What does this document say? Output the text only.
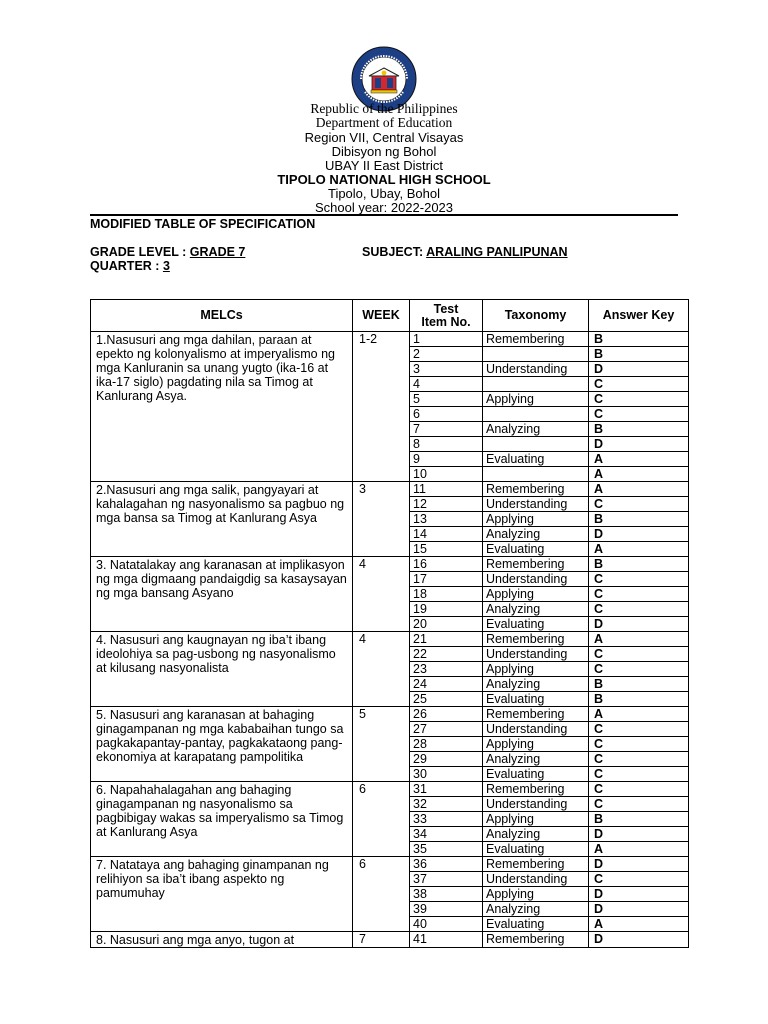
Republic of the Philippines
Department of Education
Region VII, Central Visayas
Dibisyon ng Bohol
UBAY II East District
TIPOLO NATIONAL HIGH SCHOOL
Tipolo, Ubay, Bohol
School year: 2022-2023
MODIFIED TABLE OF SPECIFICATION
GRADE LEVEL : GRADE 7	SUBJECT: ARALING PANLIPUNAN
QUARTER : 3
MELCs	WEEK	Test Item No.	Taxonomy	Answer Key
1.Nasusuri ang mga dahilan, paraan at epekto ng kolonyalismo at imperyalismo ng mga Kanluranin sa unang yugto (ika-16 at ika-17 siglo) pagdating nila sa Timog at Kanlurang Asya.	1-2	1	Remembering	B
		2		B
		3	Understanding	D
		4		C
		5	Applying	C
		6		C
		7	Analyzing	B
		8		D
		9	Evaluating	A
		10		A
2.Nasusuri ang mga salik, pangyayari at kahalagahan ng nasyonalismo sa pagbuo ng mga bansa sa Timog at Kanlurang Asya	3	11	Remembering	A
		12	Understanding	C
		13	Applying	B
		14	Analyzing	D
		15	Evaluating	A
3. Natatalakay ang karanasan at implikasyon ng mga digmaang pandaigdig sa kasaysayan ng mga bansang Asyano	4	16	Remembering	B
		17	Understanding	C
		18	Applying	C
		19	Analyzing	C
		20	Evaluating	D
4. Nasusuri ang kaugnayan ng iba’t ibang ideolohiya sa pag-usbong ng nasyonalismo at kilusang nasyonalista	4	21	Remembering	A
		22	Understanding	C
		23	Applying	C
		24	Analyzing	B
		25	Evaluating	B
5. Nasusuri ang karanasan at bahaging ginagampanan ng mga kababaihan tungo sa pagkakapantay-pantay, pagkakataong pang-ekonomiya at karapatang pampolitika	5	26	Remembering	A
		27	Understanding	C
		28	Applying	C
		29	Analyzing	C
		30	Evaluating	C
6. Napahahalagahan ang bahaging ginagampanan ng nasyonalismo sa pagbibigay wakas sa imperyalismo sa Timog at Kanlurang Asya	6	31	Remembering	C
		32	Understanding	C
		33	Applying	B
		34	Analyzing	D
		35	Evaluating	A
7. Natataya ang bahaging ginampanan ng relihiyon sa iba’t ibang aspekto ng pamumuhay	6	36	Remembering	D
		37	Understanding	C
		38	Applying	D
		39	Analyzing	D
		40	Evaluating	A
8. Nasusuri ang mga anyo, tugon at	7	41	Remembering	D
